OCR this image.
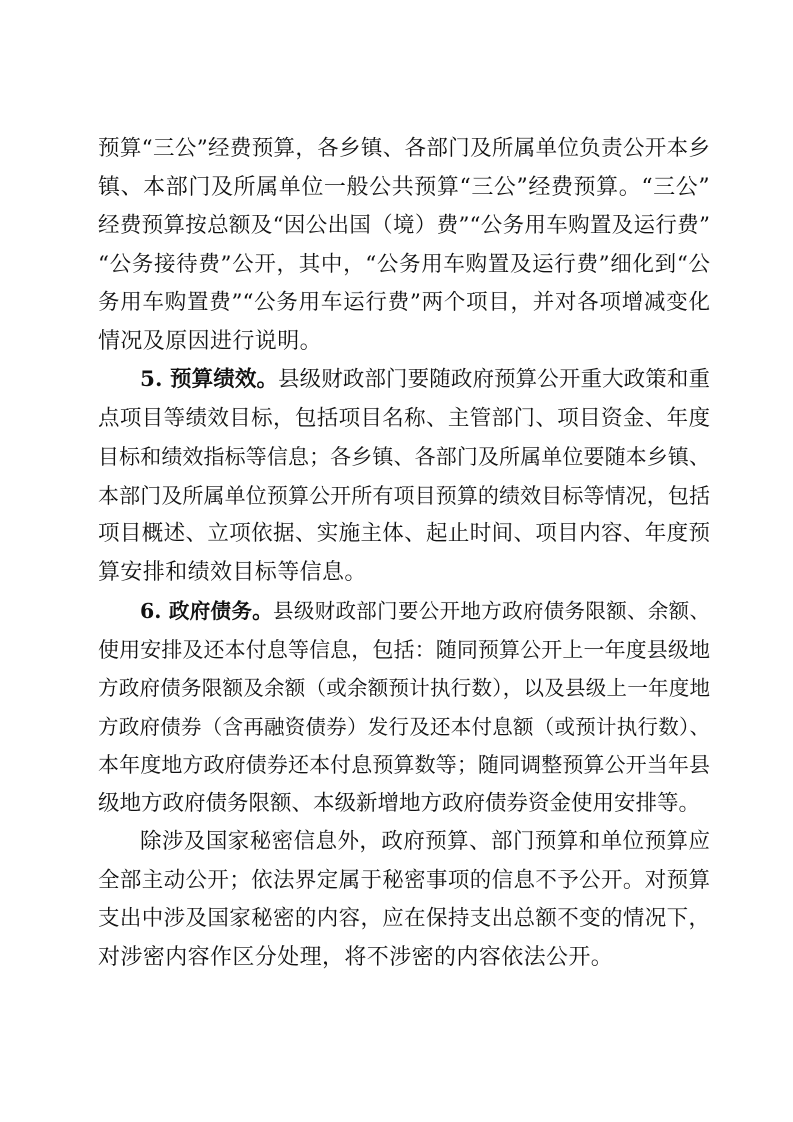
预算“三公”经费预算，各乡镇、各部门及所属单位负责公开本乡
镇、本部门及所属单位一般公共预算“三公”经费预算。“三公”
经费预算按总额及“因公出国（境）费”“公务用车购置及运行费”
“公务接待费”公开，其中，“公务用车购置及运行费”细化到“公
务用车购置费”“公务用车运行费”两个项目，并对各项增减变化
情况及原因进行说明。
5. 预算绩效。县级财政部门要随政府预算公开重大政策和重
点项目等绩效目标，包括项目名称、主管部门、项目资金、年度
目标和绩效指标等信息；各乡镇、各部门及所属单位要随本乡镇、
本部门及所属单位预算公开所有项目预算的绩效目标等情况，包括
项目概述、立项依据、实施主体、起止时间、项目内容、年度预
算安排和绩效目标等信息。
6. 政府债务。县级财政部门要公开地方政府债务限额、余额、
使用安排及还本付息等信息，包括：随同预算公开上一年度县级地
方政府债务限额及余额（或余额预计执行数），以及县级上一年度地
方政府债券（含再融资债券）发行及还本付息额（或预计执行数）、
本年度地方政府债券还本付息预算数等；随同调整预算公开当年县
级地方政府债务限额、本级新增地方政府债券资金使用安排等。
除涉及国家秘密信息外，政府预算、部门预算和单位预算应
全部主动公开；依法界定属于秘密事项的信息不予公开。对预算
支出中涉及国家秘密的内容，应在保持支出总额不变的情况下，
对涉密内容作区分处理，将不涉密的内容依法公开。
